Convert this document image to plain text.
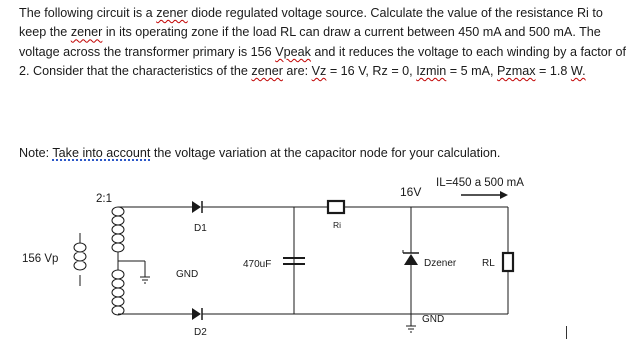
The following circuit is a zener diode regulated voltage source. Calculate the value of the resistance Ri to keep the zener in its operating zone if the load RL can draw a current between 450 mA and 500 mA. The voltage across the transformer primary is 156 Vpeak and it reduces the voltage to each winding by a factor of 2. Consider that the characteristics of the zener are: Vz = 16 V, Rz = 0, Izmin = 5 mA, Pzmax = 1.8 W.
Note: Take into account the voltage variation at the capacitor node for your calculation.
2:1
156 Vp
D1
D2
GND
Ri
470uF
16V
IL=450 a 500 mA
Dzener	RL
GND
